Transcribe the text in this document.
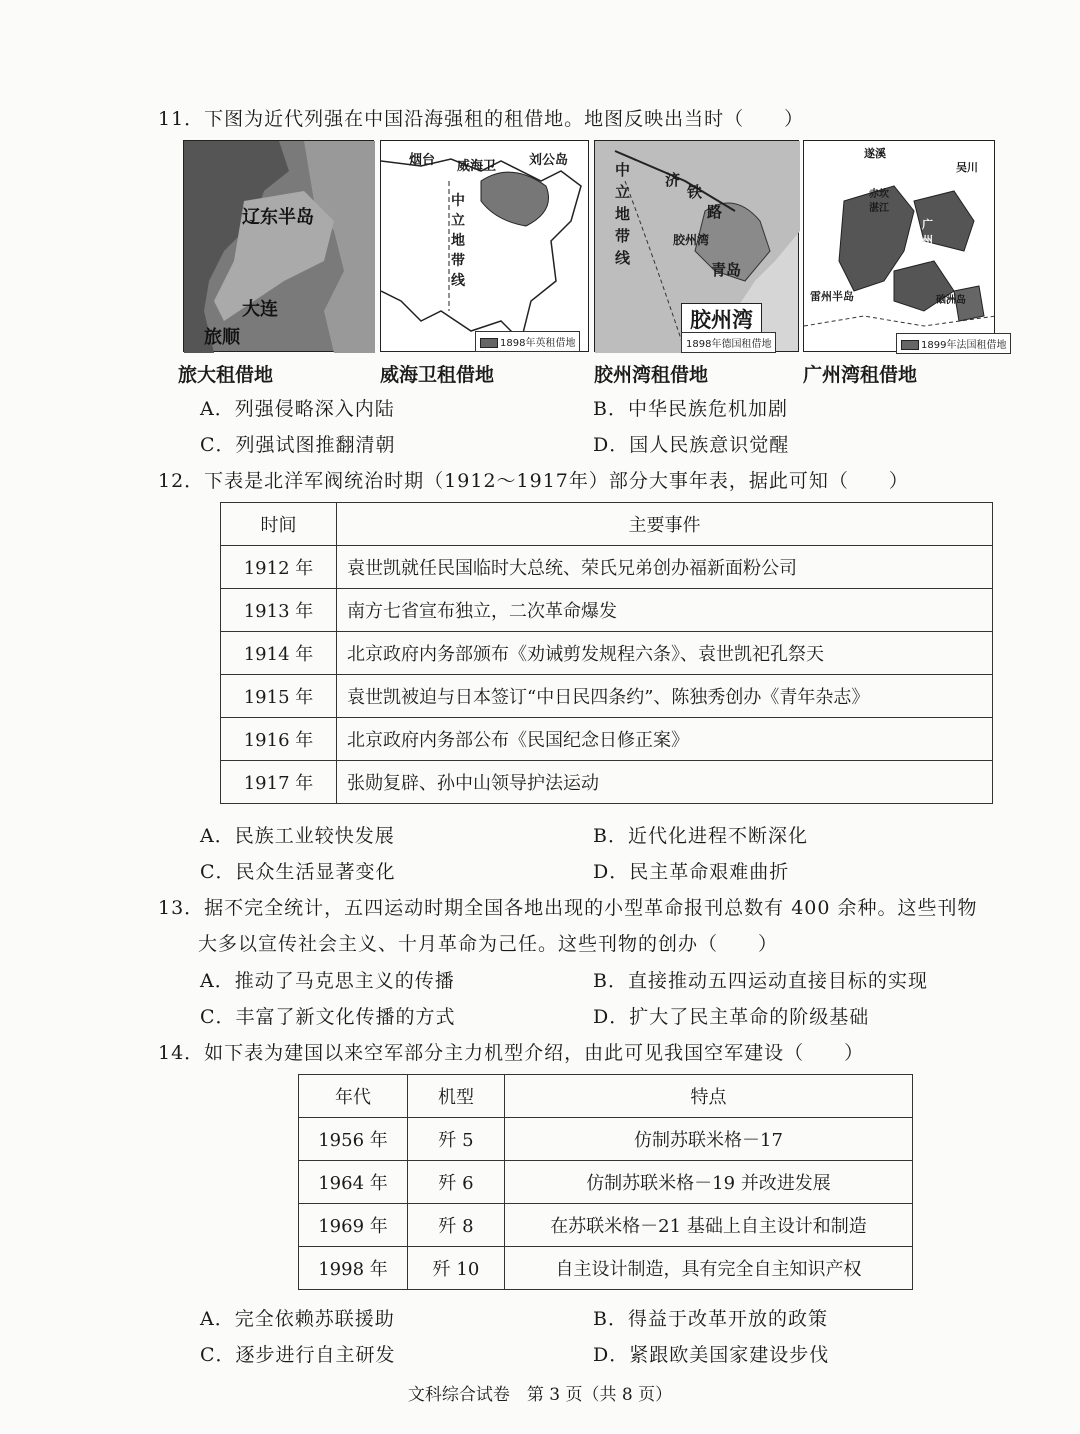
11．下图为近代列强在中国沿海强租的租借地。地图反映出当时（　　）
辽东半岛
大连
旅顺
旅大租借地
烟台 威海卫	刘公岛
中立地带线
1898年英租借地
威海卫租借地
中立地带线
济
铁
路
胶州湾
青岛
胶州湾
1898年德国租借地
胶州湾租借地
遂溪
吴川
赤坎
湛江
广州湾
雷州半岛	硇洲岛
1899年法国租借地
广州湾租借地
A．列强侵略深入内陆	B．中华民族危机加剧
C．列强试图推翻清朝	D．国人民族意识觉醒
12．下表是北洋军阀统治时期（1912～1917年）部分大事年表，据此可知（　　）
时间	主要事件
1912 年	袁世凯就任民国临时大总统、荣氏兄弟创办福新面粉公司
1913 年	南方七省宣布独立，二次革命爆发
1914 年	北京政府内务部颁布《劝诫剪发规程六条》、袁世凯祀孔祭天
1915 年	袁世凯被迫与日本签订“中日民四条约”、陈独秀创办《青年杂志》
1916 年	北京政府内务部公布《民国纪念日修正案》
1917 年	张勋复辟、孙中山领导护法运动
A．民族工业较快发展	B．近代化进程不断深化
C．民众生活显著变化	D．民主革命艰难曲折
13．据不完全统计，五四运动时期全国各地出现的小型革命报刊总数有 400 余种。这些刊物
大多以宣传社会主义、十月革命为己任。这些刊物的创办（　　）
A．推动了马克思主义的传播	B．直接推动五四运动直接目标的实现
C．丰富了新文化传播的方式	D．扩大了民主革命的阶级基础
14．如下表为建国以来空军部分主力机型介绍，由此可见我国空军建设（　　）
年代	机型	特点
1956 年	歼 5	仿制苏联米格－17
1964 年	歼 6	仿制苏联米格－19 并改进发展
1969 年	歼 8	在苏联米格－21 基础上自主设计和制造
1998 年	歼 10	自主设计制造，具有完全自主知识产权
A．完全依赖苏联援助	B．得益于改革开放的政策
C．逐步进行自主研发	D．紧跟欧美国家建设步伐
文科综合试卷　第 3 页（共 8 页）
